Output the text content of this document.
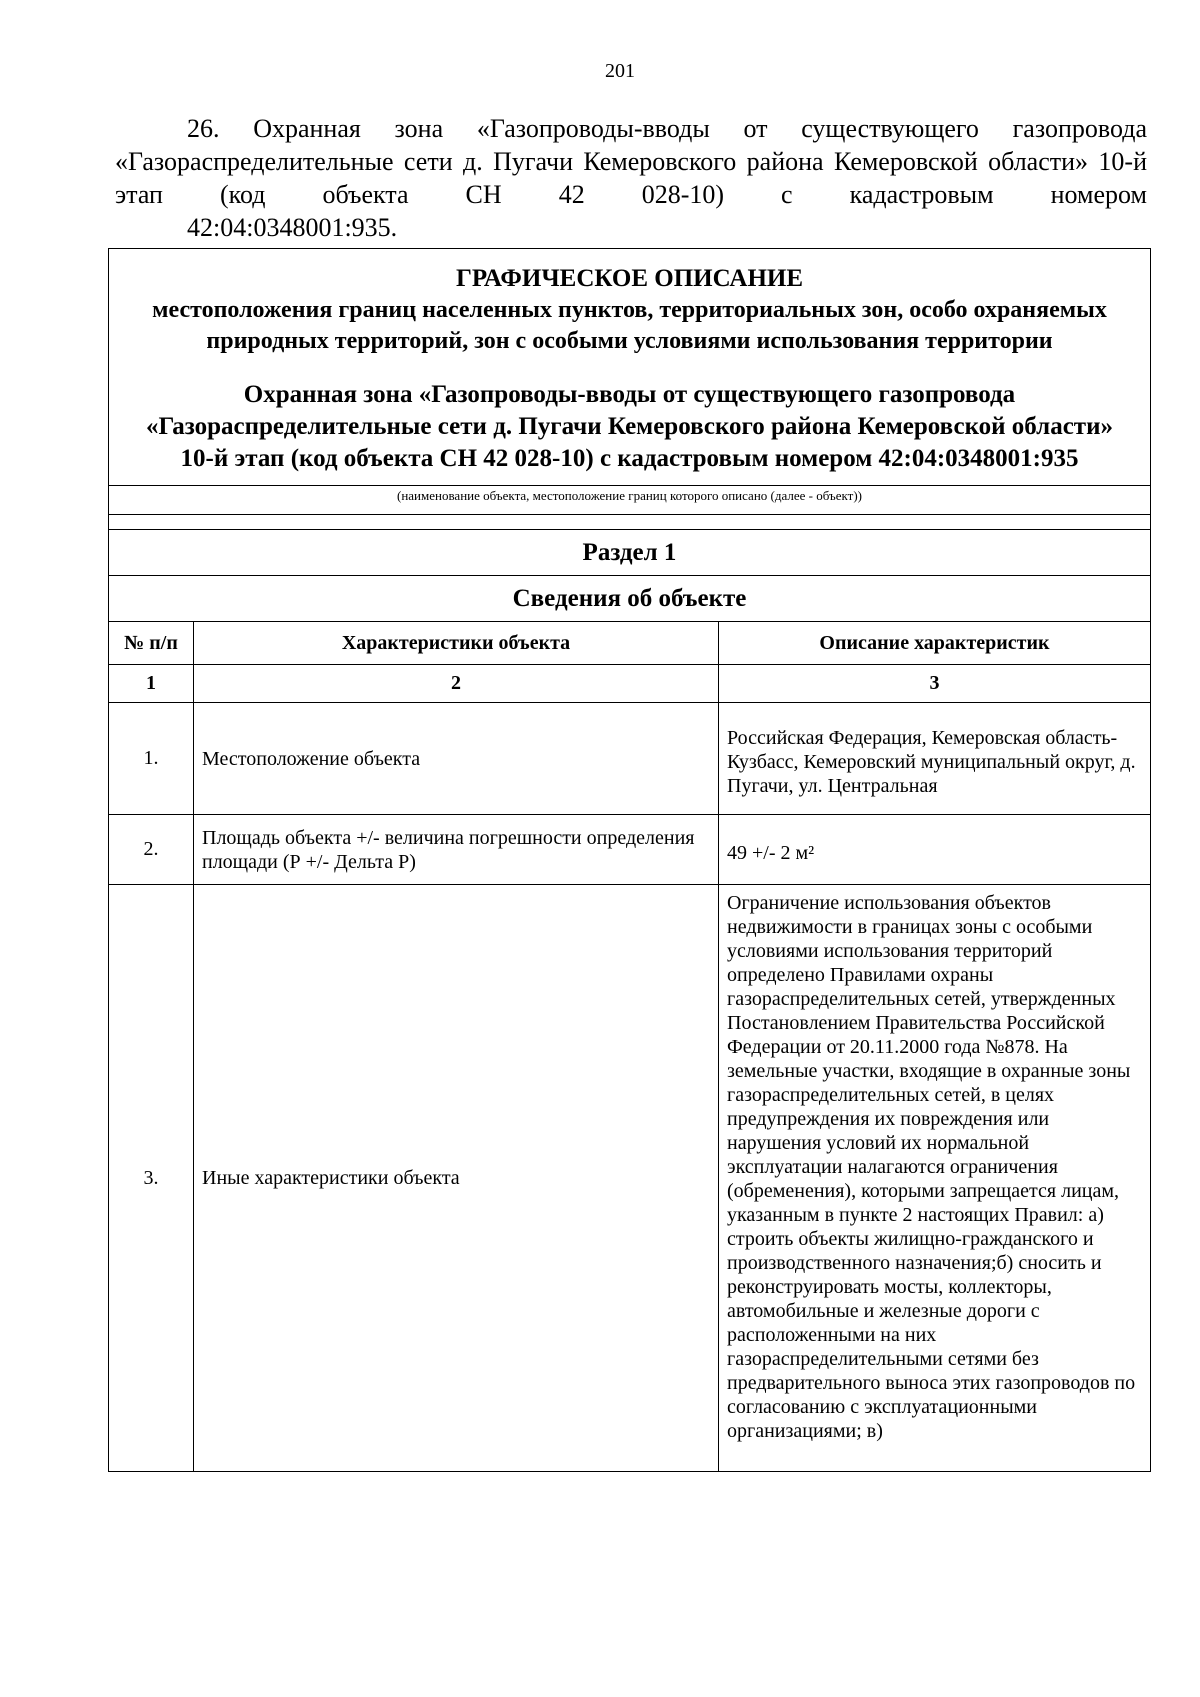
201

26. Охранная зона «Газопроводы-вводы от существующего газопровода «Газораспределительные сети д. Пугачи Кемеровского района Кемеровской области» 10-й этап (код объекта СН 42 028-10) с кадастровым номером
42:04:0348001:935.

ГРАФИЧЕСКОЕ ОПИСАНИЕ
местоположения границ населенных пунктов, территориальных зон, особо охраняемых природных территорий, зон с особыми условиями использования территории
Охранная зона «Газопроводы-вводы от существующего газопровода «Газораспределительные сети д. Пугачи Кемеровского района Кемеровской области» 10-й этап (код объекта СН 42 028-10) с кадастровым номером 42:04:0348001:935		

(наименование объекта, местоположение границ которого описано (далее - объект))		

Раздел 1		
Сведения об объекте		
№ п/п	Характеристики объекта	Описание характеристик
1	2	3
1.	Местоположение объекта	Российская Федерация, Кемеровская область-Кузбасс, Кемеровский муниципальный округ, д. Пугачи, ул. Центральная
2.	Площадь объекта +/- величина погрешности определения площади (Р +/- Дельта Р)	49 +/- 2 м²
3.	Иные характеристики объекта	Ограничение использования объектов недвижимости в границах зоны с особыми условиями использования территорий определено Правилами охраны газораспределительных сетей, утвержденных Постановлением Правительства Российской Федерации от 20.11.2000 года №878. На земельные участки, входящие в охранные зоны газораспределительных сетей, в целях предупреждения их повреждения или нарушения условий их нормальной эксплуатации налагаются ограничения (обременения), которыми запрещается лицам, указанным в пункте 2 настоящих Правил: а) строить объекты жилищно-гражданского и производственного назначения;б) сносить и реконструировать мосты, коллекторы, автомобильные и железные дороги с расположенными на них газораспределительными сетями без предварительного выноса этих газопроводов по согласованию с эксплуатационными организациями; в)
